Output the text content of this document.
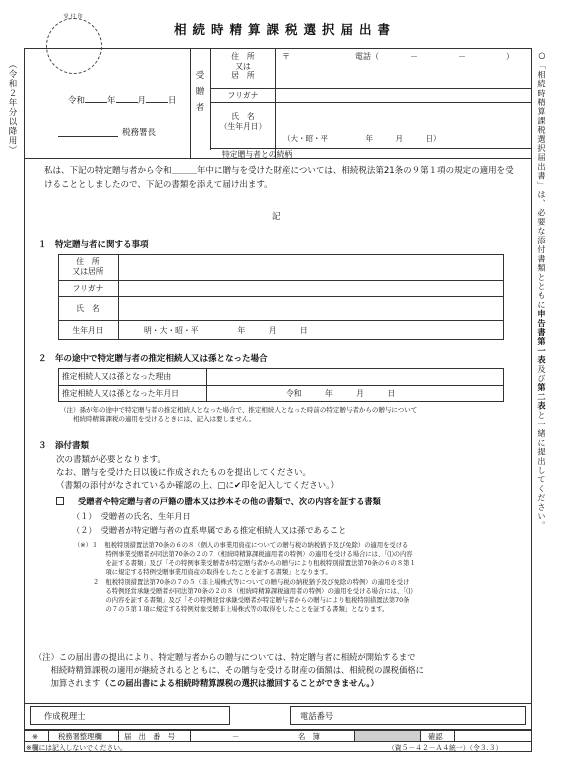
（令和２年分以降用）	○「相続時精算課税選択届出書」は、必要な添付書類とともに申告書第一表及び第二表と一緒に提出してください。
相続時精算課税選択届出書
受付印
令和	年	月	日
税務署長
受
贈
者
住　所
又は
居　所
〒	電話（	－	－	）
フリガナ
氏　名
（生年月日）
（大・昭・平　　　　　年　　　月　　　日）
特定贈与者との続柄
私は、下記の特定贈与者から令和＿＿＿年中に贈与を受けた財産については、相続税法第21条の９第１項の規定の適用を受けることとしましたので、下記の書類を添えて届け出ます。
記
１　特定贈与者に関する事項
住　所
又は居所
フリガナ
氏　名
生年月日	明・大・昭・平　　　　　年　　　月　　　日
２　年の途中で特定贈与者の推定相続人又は孫となった場合
推定相続人又は孫となった理由
推定相続人又は孫となった年月日	令和　　　年　　　月　　　日
（注）孫が年の途中で特定贈与者の推定相続人となった場合で、推定相続人となった時前の特定贈与者からの贈与について
　　相続時精算課税の適用を受けるときには、記入は要しません。
３　添付書類
次の書類が必要となります。
なお、贈与を受けた日以後に作成されたものを提出してください。
（書類の添付がなされているか確認の上、□に✔印を記入してください。）
受贈者や特定贈与者の戸籍の謄本又は抄本その他の書類で、次の内容を証する書類
（１）　受贈者の氏名、生年月日
（２）　受贈者が特定贈与者の直系卑属である推定相続人又は孫であること
（※）１　租税特別措置法第70条の６の８（個人の事業用資産についての贈与税の納税猶予及び免除）の適用を受ける
　　　　　特例事業受贈者が同法第70条の２の７（相続時精算課税適用者の特例）の適用を受ける場合には、「⑴の内容
　　　　　を証する書類」及び「その特例事業受贈者が特定贈与者からの贈与により租税特別措置法第70条の６の８第１
　　　　　項に規定する特例受贈事業用資産の取得をしたことを証する書類」となります。
　　　２　租税特別措置法第70条の７の５（非上場株式等についての贈与税の納税猶予及び免除の特例）の適用を受け
　　　　　る特例経営承継受贈者が同法第70条の２の８（相続時精算課税適用者の特例）の適用を受ける場合には、「⑴
　　　　　の内容を証する書類」及び「その特例経営承継受贈者が特定贈与者からの贈与により租税特別措置法第70条
　　　　　の７の５第１項に規定する特例対象受贈非上場株式等の取得をしたことを証する書類」となります。
（注）この届出書の提出により、特定贈与者からの贈与については、特定贈与者に相続が開始するまで
　　相続時精算課税の適用が継続されるとともに、その贈与を受ける財産の価額は、相続税の課税価格に
　　加算されます（この届出書による相続時精算課税の選択は撤回することができません。）
作成税理士	電話番号
※	税務署整理欄	届　出　番　号	－	名　簿	確認
※欄には記入しないでください。	（資５－４２－Ａ４統一）（令３.３）
